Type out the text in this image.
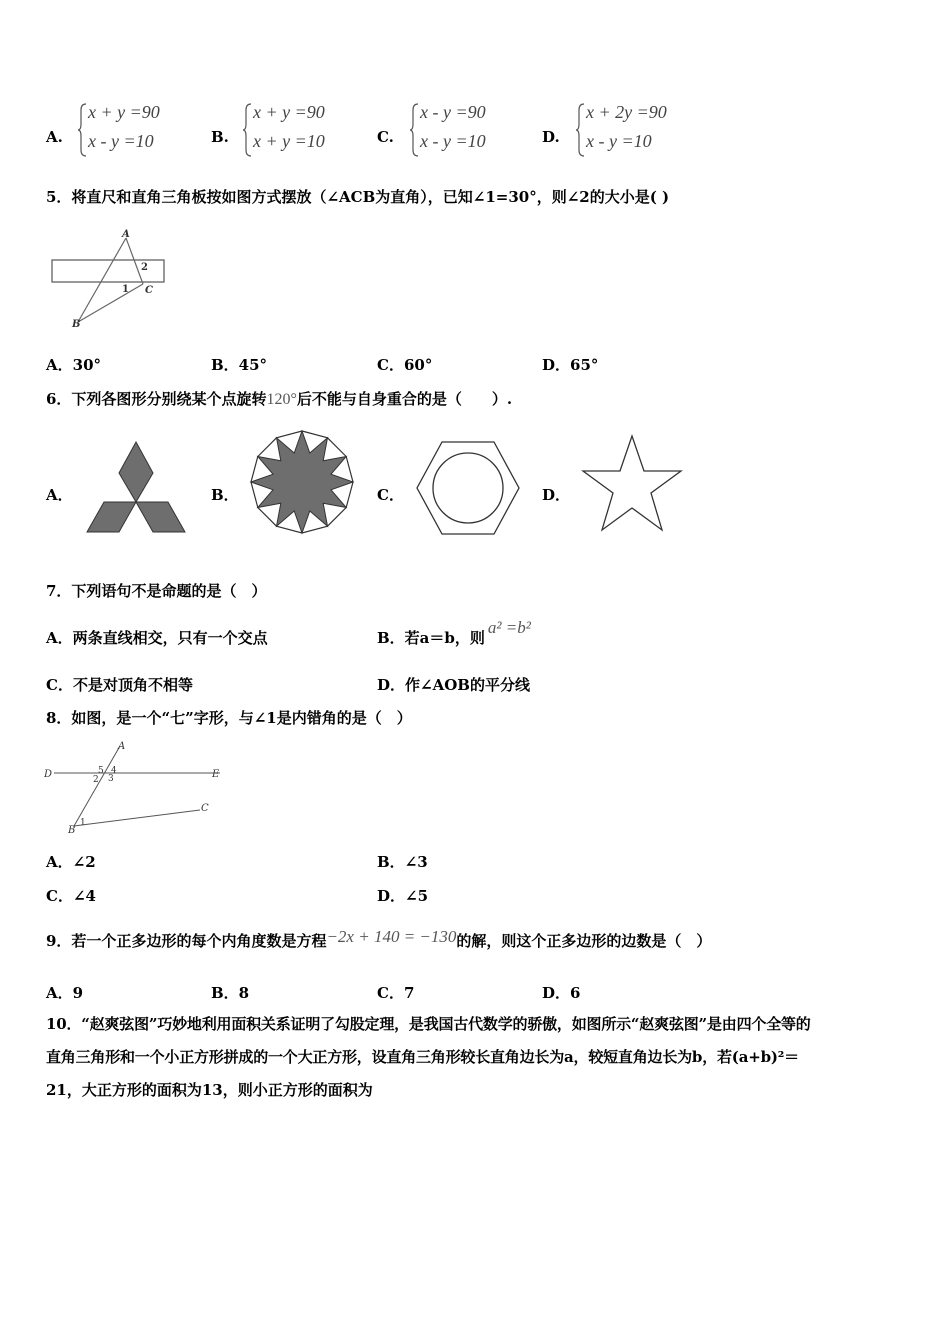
A.
x + y =90
x - y =10	B.
x + y =90
x + y =10	C.
x - y =90
x - y =10	D.
x + 2y =90
x - y =10
5．将直尺和直角三角板按如图方式摆放（∠ACB为直角），已知∠1=30°，则∠2的大小是( )
A
B
C
1
2
A．30°	B．45°	C．60°	D．65°
6．下列各图形分别绕某个点旋转120°后不能与自身重合的是（　　）.
A．	B．	C．	D．
7．下列语句不是命题的是（　）
A．两条直线相交，只有一个交点	B．若a＝b，则a² =b²
C．不是对顶角不相等	D．作∠AOB的平分线
8．如图，是一个“七”字形，与∠1是内错角的是（　）
A
D	E
B
C
1
2 3
4
5
A．∠2	B．∠3
C．∠4	D．∠5
9．若一个正多边形的每个内角度数是方程−2x + 140 = −130的解，则这个正多边形的边数是（　）
A．9	B．8	C．7	D．6
10．“赵爽弦图”巧妙地利用面积关系证明了勾股定理，是我国古代数学的骄傲，如图所示“赵爽弦图”是由四个全等的
直角三角形和一个小正方形拼成的一个大正方形，设直角三角形较长直角边长为a，较短直角边长为b，若(a+b)²＝
21，大正方形的面积为13，则小正方形的面积为
